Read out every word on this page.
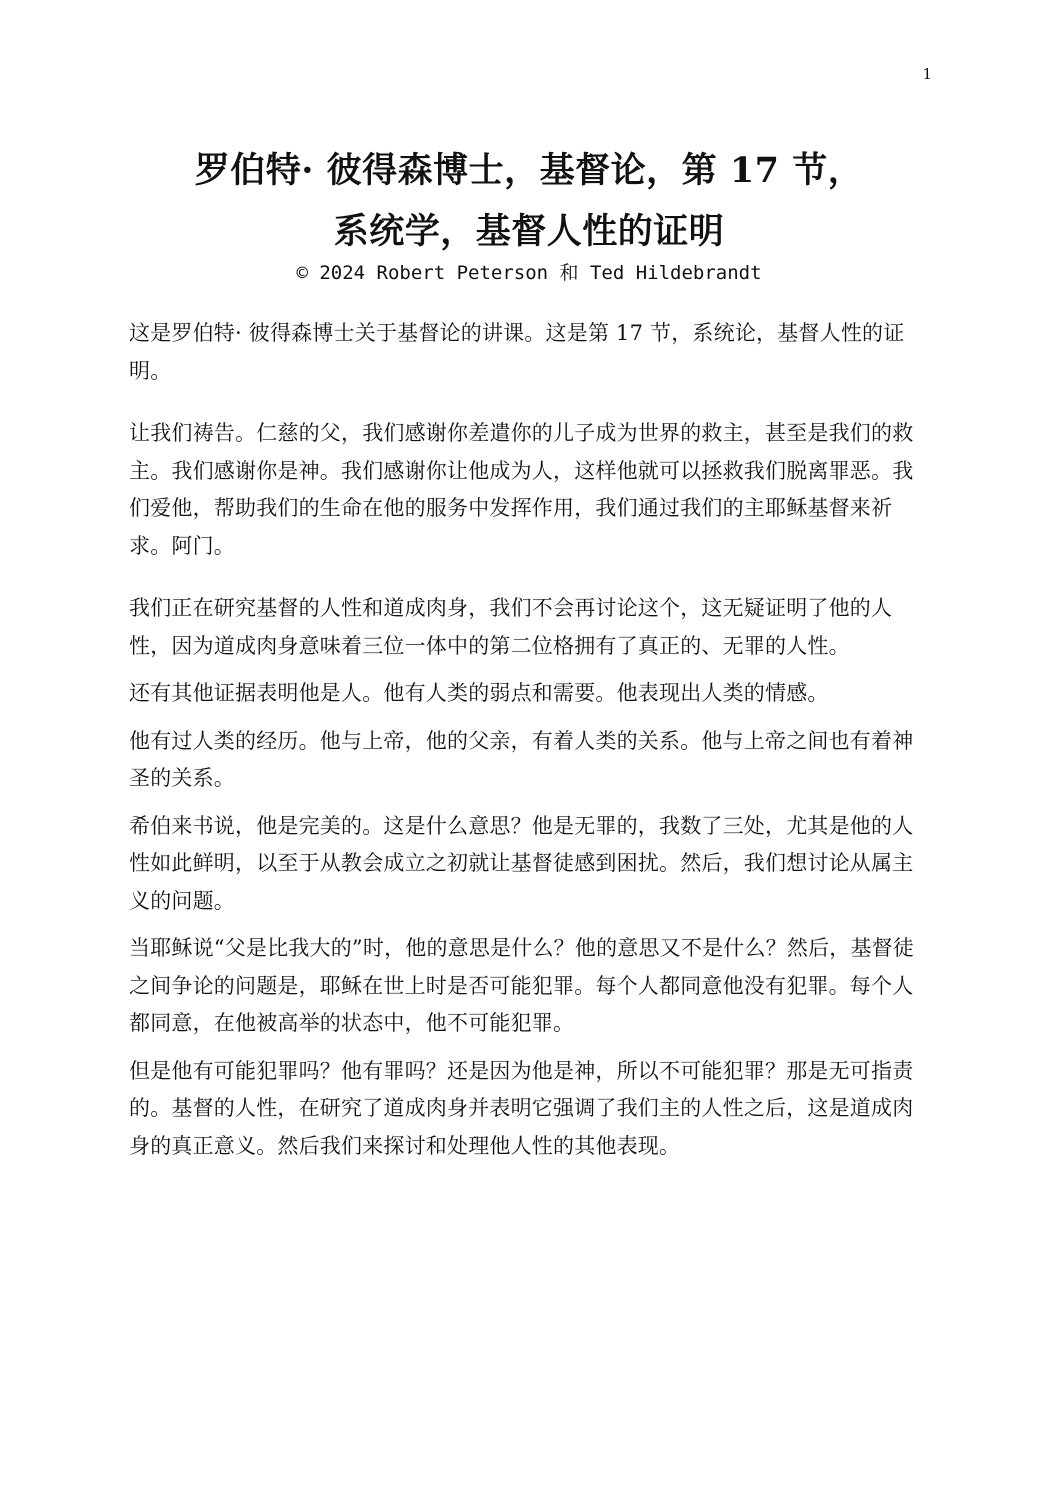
1
罗伯特· 彼得森博士，基督论，第 17 节，
系统学，基督人性的证明
© 2024 Robert Peterson 和 Ted Hildebrandt

这是罗伯特· 彼得森博士关于基督论的讲课。这是第 17 节，系统论，基督人性的证明。

让我们祷告。仁慈的父，我们感谢你差遣你的儿子成为世界的救主，甚至是我们的救主。我们感谢你是神。我们感谢你让他成为人，这样他就可以拯救我们脱离罪恶。我们爱他，帮助我们的生命在他的服务中发挥作用，我们通过我们的主耶稣基督来祈求。阿门。

我们正在研究基督的人性和道成肉身，我们不会再讨论这个，这无疑证明了他的人性，因为道成肉身意味着三位一体中的第二位格拥有了真正的、无罪的人性。

还有其他证据表明他是人。他有人类的弱点和需要。他表现出人类的情感。

他有过人类的经历。他与上帝，他的父亲，有着人类的关系。他与上帝之间也有着神圣的关系。

希伯来书说，他是完美的。这是什么意思？他是无罪的，我数了三处，尤其是他的人性如此鲜明，以至于从教会成立之初就让基督徒感到困扰。然后，我们想讨论从属主义的问题。

当耶稣说“父是比我大的”时，他的意思是什么？他的意思又不是什么？然后，基督徒之间争论的问题是，耶稣在世上时是否可能犯罪。每个人都同意他没有犯罪。每个人都同意，在他被高举的状态中，他不可能犯罪。

但是他有可能犯罪吗？他有罪吗？还是因为他是神，所以不可能犯罪？那是无可指责的。基督的人性，在研究了道成肉身并表明它强调了我们主的人性之后，这是道成肉身的真正意义。然后我们来探讨和处理他人性的其他表现。
